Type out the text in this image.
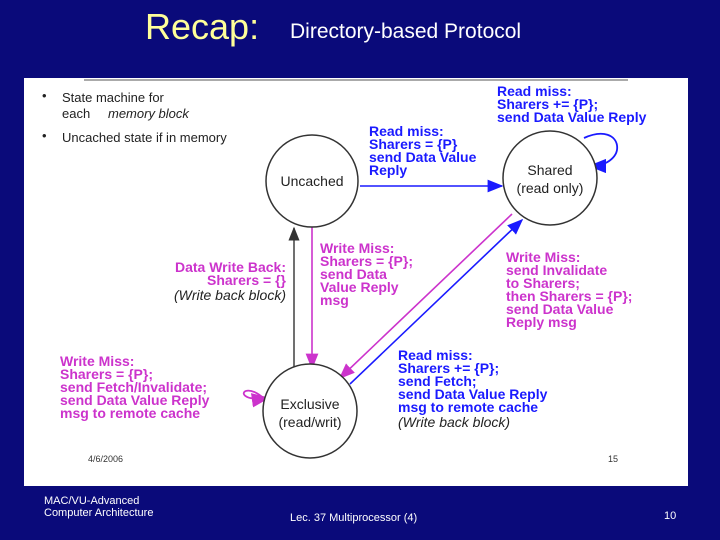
Recap: Directory-based Protocol
• State machine for
each memory block
• Uncached state if in memory
Uncached
Shared
(read only)
Exclusive
(read/writ)
Read miss:
Sharers += {P};
send Data Value Reply
Read miss:
Sharers = {P}
send Data Value
Reply
Read miss:
Sharers += {P};
send Fetch;
send Data Value Reply
msg to remote cache
(Write back block)
Write Miss:
Sharers = {P};
send Data
Value Reply
msg
Write Miss:
send Invalidate
to Sharers;
then Sharers = {P};
send Data Value
Reply msg
Write Miss:
Sharers = {P};
send Fetch/Invalidate;
send Data Value Reply
msg to remote cache
Data Write Back:
Sharers = {}
(Write back block)
4/6/2006	15
MAC/VU-Advanced
Computer Architecture	Lec. 37 Multiprocessor (4)	10
